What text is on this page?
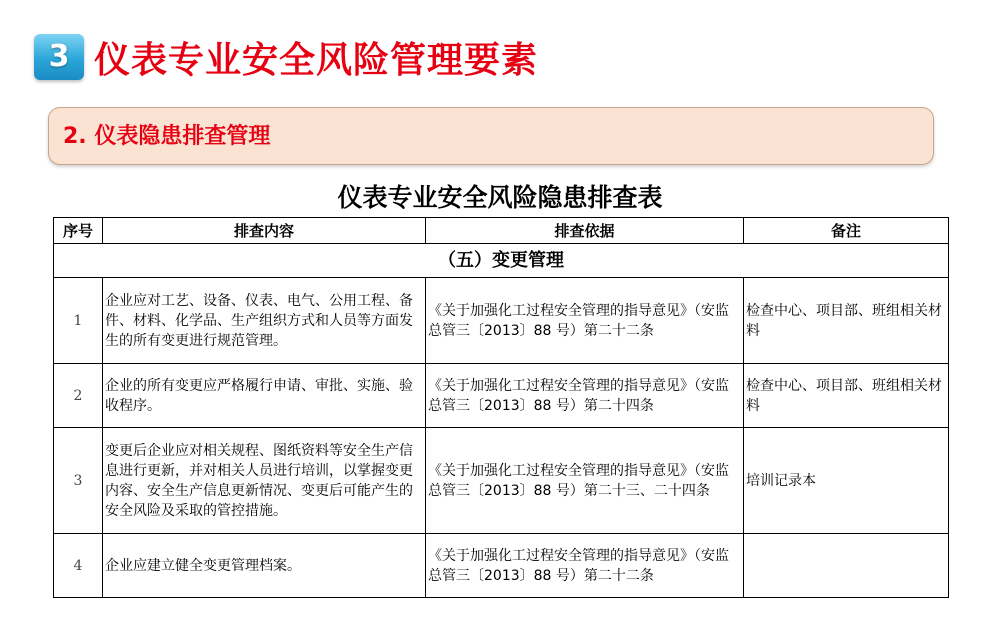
3 仪表专业安全风险管理要素
2. 仪表隐患排查管理
仪表专业安全风险隐患排查表
序号	排查内容	排查依据	备注
（五）变更管理			
1	企业应对工艺、设备、仪表、电气、公用工程、备件、材料、化学品、生产组织方式和人员等方面发生的所有变更进行规范管理。	《关于加强化工过程安全管理的指导意见》（安监总管三〔2013〕88 号）第二十二条	检查中心、项目部、班组相关材料
2	企业的所有变更应严格履行申请、审批、实施、验收程序。	《关于加强化工过程安全管理的指导意见》（安监总管三〔2013〕88 号）第二十四条	检查中心、项目部、班组相关材料
3	变更后企业应对相关规程、图纸资料等安全生产信息进行更新，并对相关人员进行培训，以掌握变更内容、安全生产信息更新情况、变更后可能产生的安全风险及采取的管控措施。	《关于加强化工过程安全管理的指导意见》（安监总管三〔2013〕88 号）第二十三、二十四条	培训记录本
4	企业应建立健全变更管理档案。	《关于加强化工过程安全管理的指导意见》（安监总管三〔2013〕88 号）第二十二条	
